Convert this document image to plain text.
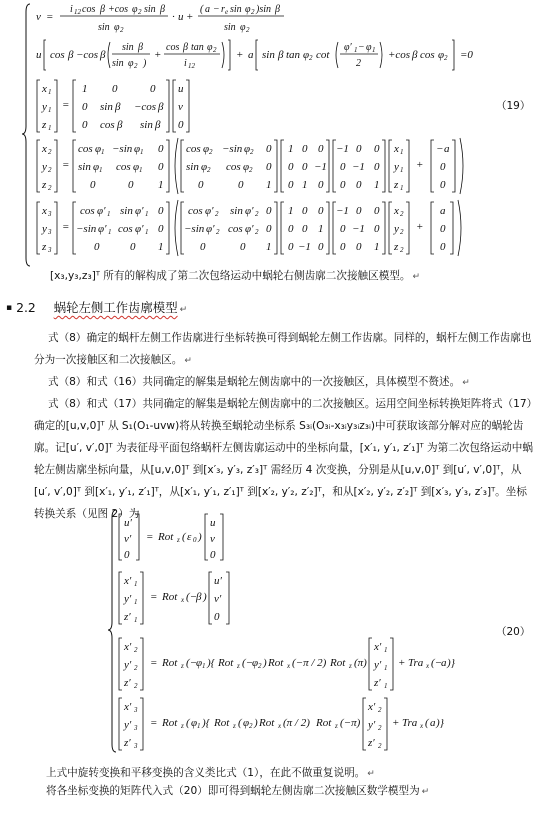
v =
i 12 cos β +cos φ 2 sin β
sin φ 2
· u +
( a − r e sin φ 2 )sin β
sin φ 2
u cos β −cos β
sin β
sin φ 2 )
+
cos β tan φ 2
i 12
+ a sin β tan φ 2 cot
φ′ 1 − φ 1
2
+cos β cos φ 2 =0
x 1
y 1
z 1
=
1 0	0
0 sin β −cos β
0 cos β sin β
u
v
0
x 2
y 2
z 2
=
cos φ 1 −sin φ 1 0
sin φ 1 cos φ 1 0
0	0 1
cos φ 2 −sin φ 2 0
sin φ 2 cos φ 2 0
0	0 1
1 0 0
0 0 −1
0 1 0
−1 0 0
0 −1 0
0 0 1
x 1
y 1
z 1
+
− a
0
0
x 3
y 3
z 3
=
cos φ′ 1 sin φ′ 1 0
−sin φ′ 1 cos φ′ 1 0
0	0 1
cos φ′ 2 sin φ′ 2 0
−sin φ′ 2 cos φ′ 2 0
0	0 1
1 0 0
0 0 1
0 −1 0
−1 0 0
0 −1 0
0 0 1
x 2
y 2
z 2
+
a
0
0
（19）
[x₃,y₃,z₃]ᵀ 所有的解构成了第二次包络运动中蜗轮右侧齿廓二次接触区模型。 ↵
▪ 2.2 蜗轮左侧工作齿廓模型 ↵
式（8）确定的蜗杆左侧工作齿廓进行坐标转换可得到蜗轮左侧工作齿廓。同样的，蜗杆左侧工作齿廓也分为一次接触区和二次接触区。 ↵
式（8）和式（16）共同确定的解集是蜗轮左侧齿廓中的一次接触区，具体模型不赘述。 ↵
式（8）和式（17）共同确定的解集是蜗轮左侧齿廓中的二次接触区。运用空间坐标转换矩阵将式（17）确定的[u,v,0]ᵀ 从 S₁(O₁-uvw)将从转换至蜗轮动坐标系 S₃ᵢ(O₃ᵢ-x₃ᵢy₃ᵢz₃ᵢ)中可获取该部分解对应的蜗轮齿廓。记[u′, v′,0]ᵀ 为表征母平面包络蜗杆左侧齿廓运动中的坐标向量，[x′₁, y′₁, z′₁]ᵀ 为第二次包络运动中蜗轮左侧齿廓坐标向量，从[u,v,0]ᵀ 到[x′₃, y′₃, z′₃]ᵀ 需经历 4 次变换，分别是从[u,v,0]ᵀ 到[u′, v′,0]ᵀ，从[u′, v′,0]ᵀ 到[x′₁, y′₁, z′₁]ᵀ，从[x′₁, y′₁, z′₁]ᵀ 到[x′₂, y′₂, z′₂]ᵀ，和从[x′₂, y′₂, z′₂]ᵀ 到[x′₃, y′₃, z′₃]ᵀ。坐标转换关系（见图 2）为
u′
v′
0
= Rot z ( ε 0 )
u
v
0
x′ 1
y′ 1
z′ 1
= Rot x (−
β )
u′
v′
0
x′ 2
y′ 2
z′ 2
= Rot z (−
φ 1 ){ Rot z (−
φ 2 ) Rot x (−π / 2) Rot z (π)
x′ 1
y′ 1
z′ 1
+ Tra x (−
a )}
x′ 3
y′ 3
z′ 3
= Rot z ( φ 1 ){ Rot z ( φ 2 ) Rot x (π / 2) Rot z (−π)
x′ 2
y′ 2
z′ 2
+ Tra x ( a )}
（20）
上式中旋转变换和平移变换的含义类比式（1），在此不做重复说明。 ↵
将各坐标变换的矩阵代入式（20）即可得到蜗轮左侧齿廓二次接触区数学模型为 ↵
